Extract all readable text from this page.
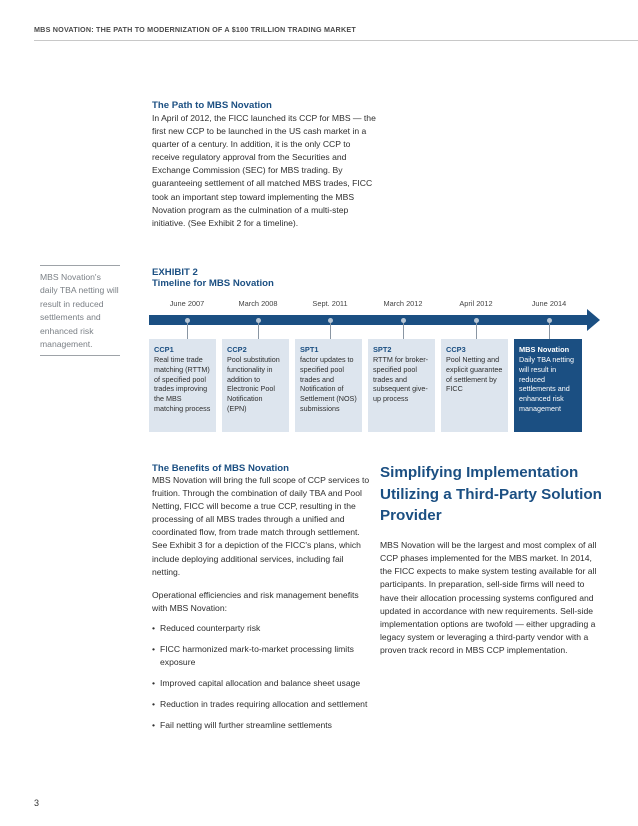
MBS NOVATION: THE PATH TO MODERNIZATION OF A $100 TRILLION TRADING MARKET
The Path to MBS Novation
In April of 2012, the FICC launched its CCP for MBS — the first new CCP to be launched in the US cash market in a quarter of a century. In addition, it is the only CCP to receive regulatory approval from the Securities and Exchange Commission (SEC) for MBS trading. By guaranteeing settlement of all matched MBS trades, FICC took an important step toward implementing the MBS Novation program as the culmination of a multi-step initiative. (See Exhibit 2 for a timeline).
MBS Novation's daily TBA netting will result in reduced settlements and enhanced risk management.
EXHIBIT 2
Timeline for MBS Novation
June 2007	March 2008	Sept. 2011	March 2012	April 2012	June 2014
CCP1
Real time trade matching (RTTM) of specified pool trades improving the MBS matching process
CCP2
Pool substitution functionality in addition to Electronic Pool Notification (EPN)
SPT1
factor updates to specified pool trades and Notification of Settlement (NOS) submissions
SPT2
RTTM for broker-specified pool trades and subsequent give-up process
CCP3
Pool Netting and explicit guarantee of settlement by FICC
MBS Novation
Daily TBA netting will result in reduced settlements and enhanced risk management
The Benefits of MBS Novation

MBS Novation will bring the full scope of CCP services to fruition. Through the combination of daily TBA and Pool Netting, FICC will become a true CCP, resulting in the processing of all MBS trades through a unified and coordinated flow, from trade match through settlement. See Exhibit 3 for a depiction of the FICC's plans, which include deploying additional services, including fail netting.

Operational efficiencies and risk management benefits with MBS Novation:

• Reduced counterparty risk
• FICC harmonized mark-to-market processing limits exposure
• Improved capital allocation and balance sheet usage
• Reduction in trades requiring allocation and settlement
• Fail netting will further streamline settlements
Simplifying Implementation Utilizing a Third-Party Solution Provider
MBS Novation will be the largest and most complex of all CCP phases implemented for the MBS market. In 2014, the FICC expects to make system testing available for all participants. In preparation, sell-side firms will need to have their allocation processing systems configured and updated in accordance with new requirements. Sell-side implementation options are twofold — either upgrading a legacy system or leveraging a third-party vendor with a proven track record in MBS CCP implementation.
3
